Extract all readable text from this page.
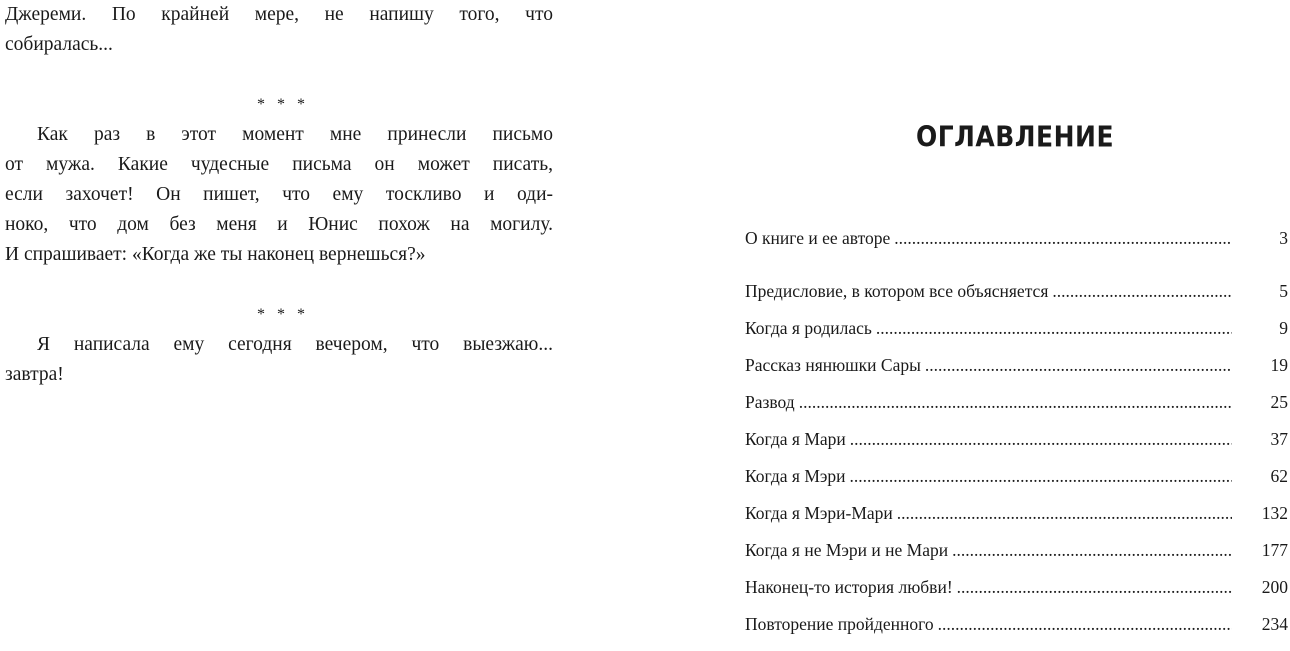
Джереми. По крайней мере, не напишу того, что
собиралась...
* * *
Как раз в этот момент мне принесли письмо
от мужа. Какие чудесные письма он может писать,
если захочет! Он пишет, что ему тоскливо и оди-
ноко, что дом без меня и Юнис похож на могилу.
И спрашивает: «Когда же ты наконец вернешься?»
* * *
Я написала ему сегодня вечером, что выезжаю...
завтра!
ОГЛАВЛЕНИЕ
О книге и ее авторе .....	3
Предисловие, в котором все объясняется .....	5
Когда я родилась .....	9
Рассказ нянюшки Сары .....	19
Развод .....	25
Когда я Мари .....	37
Когда я Мэри .....	62
Когда я Мэри-Мари .....	132
Когда я не Мэри и не Мари .....	177
Наконец-то история любви! .....	200
Повторение пройденного .....	234
